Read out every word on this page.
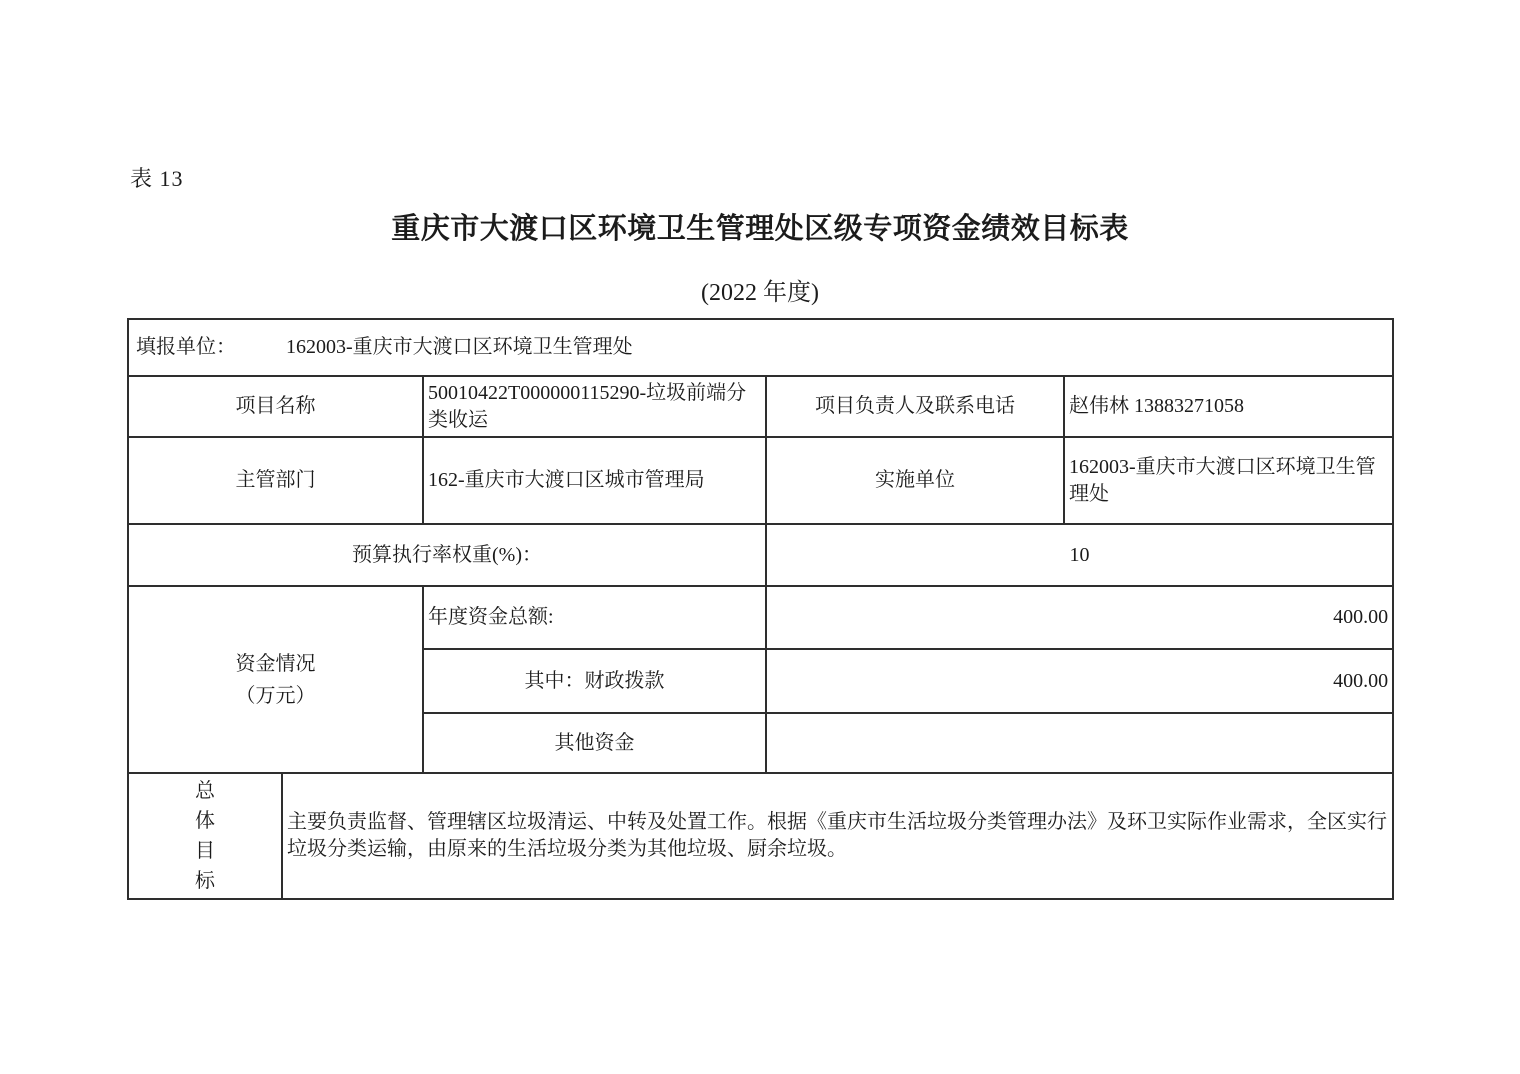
表 13
重庆市大渡口区环境卫生管理处区级专项资金绩效目标表
(2022 年度)
填报单位： 162003-重庆市大渡口区环境卫生管理处				
项目名称		50010422T000000115290-垃圾前端分类收运	项目负责人及联系电话	赵伟林 13883271058
主管部门		162-重庆市大渡口区城市管理局	实施单位	162003-重庆市大渡口区环境卫生管理处
预算执行率权重(%)：			10	

资金情况
（万元）		年度资金总额:	400.00	
		其中：财政拨款	400.00	
		其他资金		

总
体
目
标	主要负责监督、管理辖区垃圾清运、中转及处置工作。根据《重庆市生活垃圾分类管理办法》及环卫实际作业需求，全区实行垃圾分类运输，由原来的生活垃圾分类为其他垃圾、厨余垃圾。			
